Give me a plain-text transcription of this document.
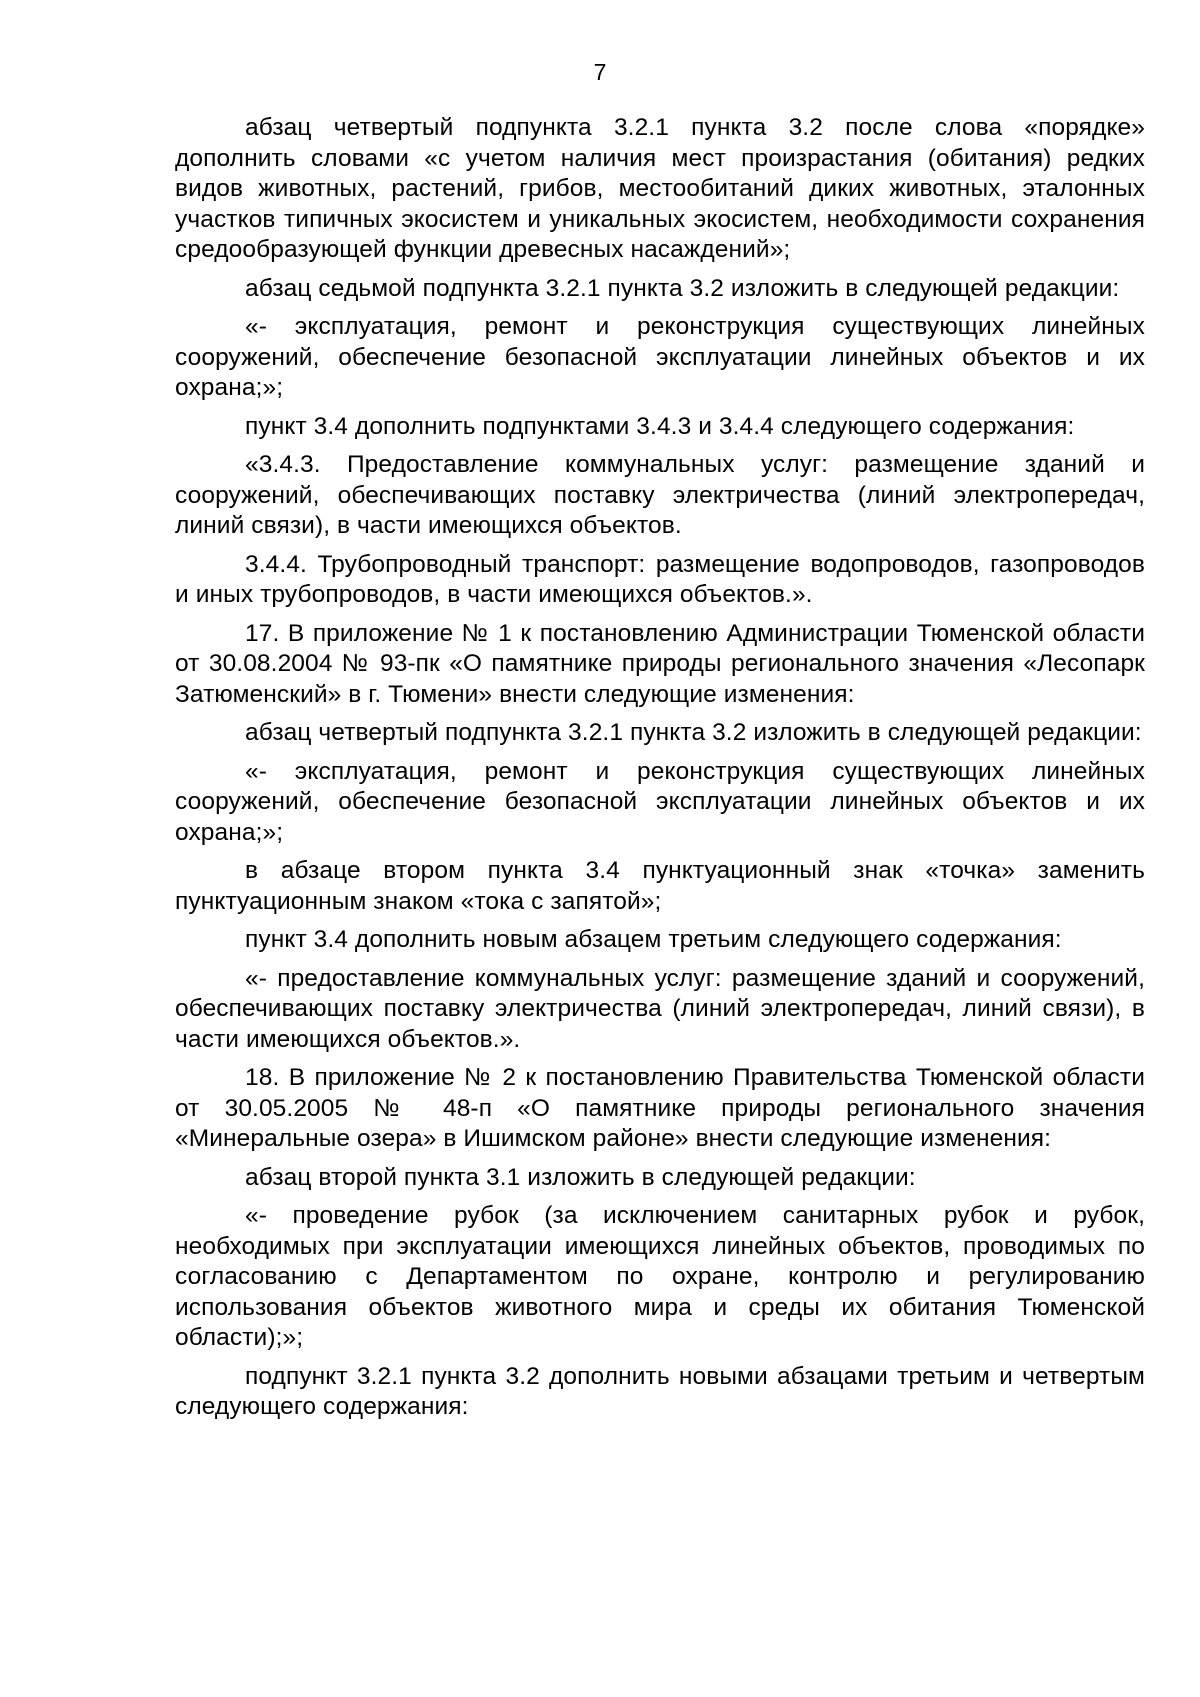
7

абзац четвертый подпункта 3.2.1 пункта 3.2 после слова «порядке» дополнить словами «с учетом наличия мест произрастания (обитания) редких видов животных, растений, грибов, местообитаний диких животных, эталонных участков типичных экосистем и уникальных экосистем, необходимости сохранения средообразующей функции древесных насаждений»;

абзац седьмой подпункта 3.2.1 пункта 3.2 изложить в следующей редакции:

«- эксплуатация, ремонт и реконструкция существующих линейных сооружений, обеспечение безопасной эксплуатации линейных объектов и их охрана;»;

пункт 3.4 дополнить подпунктами 3.4.3 и 3.4.4 следующего содержания:

«3.4.3. Предоставление коммунальных услуг: размещение зданий и сооружений, обеспечивающих поставку электричества (линий электропередач, линий связи), в части имеющихся объектов.

3.4.4. Трубопроводный транспорт: размещение водопроводов, газопроводов и иных трубопроводов, в части имеющихся объектов.».

17. В приложение № 1 к постановлению Администрации Тюменской области от 30.08.2004 № 93-пк «О памятнике природы регионального значения «Лесопарк Затюменский» в г. Тюмени» внести следующие изменения:

абзац четвертый подпункта 3.2.1 пункта 3.2 изложить в следующей редакции:

«- эксплуатация, ремонт и реконструкция существующих линейных сооружений, обеспечение безопасной эксплуатации линейных объектов и их охрана;»;

в абзаце втором пункта 3.4 пунктуационный знак «точка» заменить пунктуационным знаком «тока с запятой»;

пункт 3.4 дополнить новым абзацем третьим следующего содержания:

«- предоставление коммунальных услуг: размещение зданий и сооружений, обеспечивающих поставку электричества (линий электропередач, линий связи), в части имеющихся объектов.».

18. В приложение № 2 к постановлению Правительства Тюменской области от 30.05.2005 № 48-п «О памятнике природы регионального значения «Минеральные озера» в Ишимском районе» внести следующие изменения:

абзац второй пункта 3.1 изложить в следующей редакции:

«- проведение рубок (за исключением санитарных рубок и рубок, необходимых при эксплуатации имеющихся линейных объектов, проводимых по согласованию с Департаментом по охране, контролю и регулированию использования объектов животного мира и среды их обитания Тюменской области);»;

подпункт 3.2.1 пункта 3.2 дополнить новыми абзацами третьим и четвертым следующего содержания:
